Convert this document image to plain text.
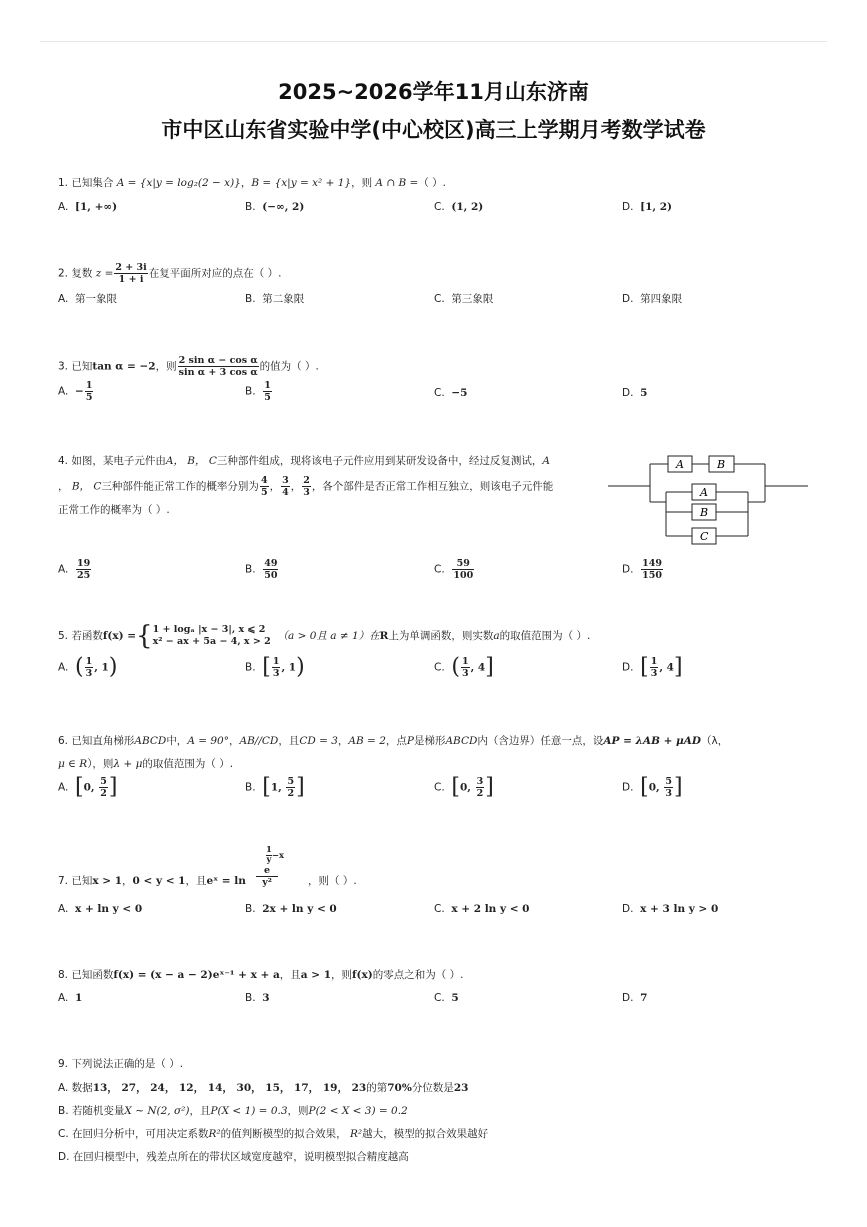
2025~2026学年11月山东济南
市中区山东省实验中学(中心校区)高三上学期月考数学试卷
1. 已知集合 A = {x|y = log₂(2 − x)}，B = {x|y = x² + 1}，则 A ∩ B =（ ）.
A. [1, +∞)	B. (−∞, 2)	C. (1, 2)	D. [1, 2)
2. 复数 $z = \frac{2 + 3i}{1 + i}$ 在复平面所对应的点在（ ）.
A. 第一象限	B. 第二象限	C. 第三象限	D. 第四象限
3. 已知tan α = −2，则 $\frac{\text{2 sin α − cos α}}{\text{sin α + 3 cos α}}$ 的值为（ ）.
A. − $\frac{1}{5}$	B. $\frac{1}{5}$	C. −5	D. 5
4. 如图，某电子元件由A， B， C三种部件组成，现将该电子元件应用到某研发设备中，经过反复测试，A
， B， C三种部件能正常工作的概率分别为 $\frac{4}{5}$ ， $\frac{3}{4}$ ， $\frac{2}{3}$ ，各个部件是否正常工作相互独立，则该电子元件能
正常工作的概率为（ ）.
A	B
A
B
C
A. $\frac{19}{25}$	B. $\frac{49}{50}$	C. $\frac{59}{100}$	D. $\frac{149}{150}$
5. 若函数f(x) ={ 1 + logₐ |x − 3|, x ⩽ 2
x² − ax + 5a − 4, x > 2 （a > 0且 a ≠ 1）在R上为单调函数，则实数a的取值范围为（ ）.
A. ( $\frac{1}{3}$ , 1)	B. [ $\frac{1}{3}$ , 1)	C. ( $\frac{1}{3}$ , 4]	D. [ $\frac{1}{3}$ , 4]
6. 已知直角梯形ABCD中，A = 90°，AB//CD，且CD = 3，AB = 2，点P是梯形ABCD内（含边界）任意一点，设AP = λAB + μAD（λ，
μ ∈ R），则λ + μ的取值范围为（ ）.
A. [0, $\frac{5}{2}$ ]	B. [1, $\frac{5}{2}$ ]	C. [0, $\frac{3}{2}$ ]	D. [0, $\frac{5}{3}$ ]
7. 已知x > 1，0 < y < 1，且eˣ = $\ln \frac{1}{y} -x$
e
y²	，则（ ）.
A. x + ln y < 0	B. 2x + ln y < 0	C. x + 2 ln y < 0	D. x + 3 ln y > 0
8. 已知函数f(x) = (x − a − 2)eˣ⁻¹ + x + a，且a > 1，则f(x)的零点之和为（ ）.
A. 1	B. 3	C. 5	D. 7
9. 下列说法正确的是（ ）.
A. 数据13， 27， 24， 12， 14， 30， 15， 17， 19， 23的第70%分位数是23
B. 若随机变量X ∼ N(2, σ²)，且P(X < 1) = 0.3，则P(2 < X < 3) = 0.2
C. 在回归分析中，可用决定系数R²的值判断模型的拟合效果， R²越大，模型的拟合效果越好
D. 在回归模型中，残差点所在的带状区域宽度越窄，说明模型拟合精度越高
